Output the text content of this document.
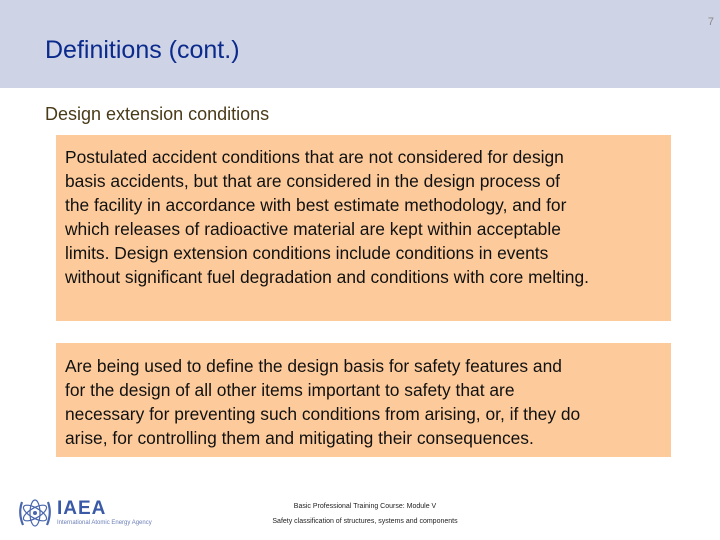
7
Definitions (cont.)
Design extension conditions
Postulated accident conditions that are not considered for design
basis accidents, but that are considered in the design process of
the facility in accordance with best estimate methodology, and for
which releases of radioactive material are kept within acceptable
limits. Design extension conditions include conditions in events
without significant fuel degradation and conditions with core melting.
Are being used to define the design basis for safety features and
for the design of all other items important to safety that are
necessary for preventing such conditions from arising, or, if they do
arise, for controlling them and mitigating their consequences.
IAEA
International Atomic Energy Agency
Basic Professional Training Course: Module V
Safety classification of structures, systems and components
